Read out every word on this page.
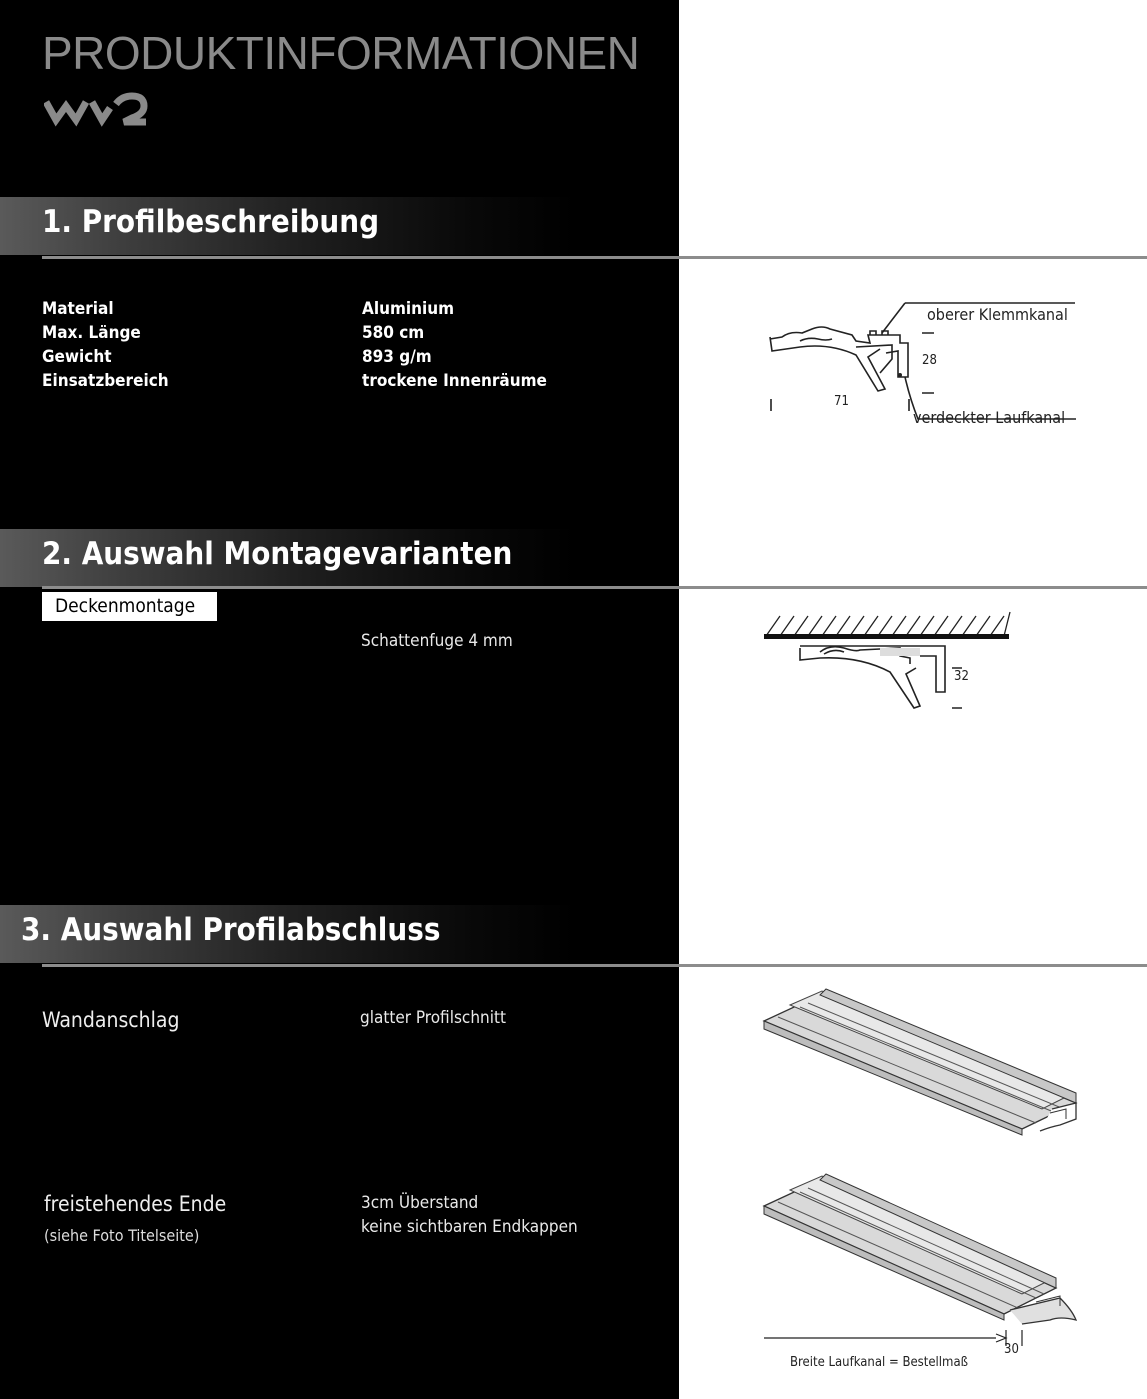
PRODUKTINFORMATIONEN
1. Profilbeschreibung
Material
Max. Länge
Gewicht
Einsatzbereich
Aluminium
580 cm
893 g/m
trockene Innenräume
oberer Klemmkanal
verdeckter Laufkanal
28
71
2. Auswahl Montagevarianten
Deckenmontage
Schattenfuge 4 mm
32
3. Auswahl Profilabschluss
Wandanschlag	glatter Profilschnitt
freistehendes Ende
(siehe Foto Titelseite)
3cm Überstand
keine sichtbaren Endkappen
30
Breite Laufkanal = Bestellmaß
